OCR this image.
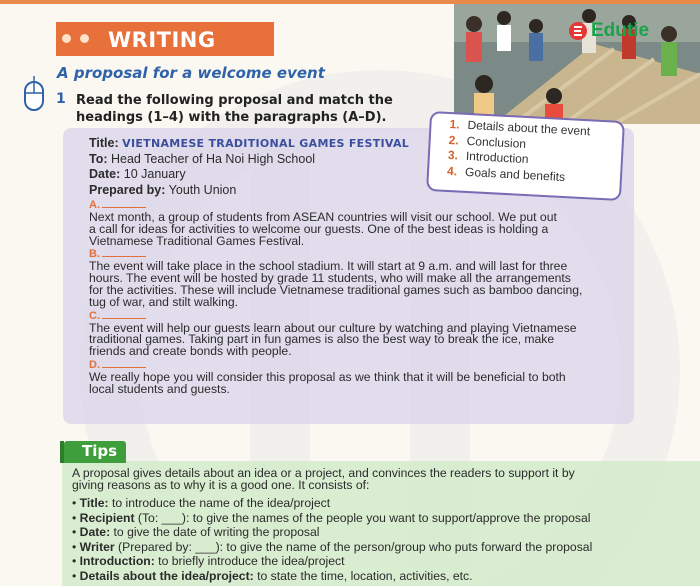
WRITING	Edutie
A proposal for a welcome event
1 Read the following proposal and match the headings (1–4) with the paragraphs (A–D).
Title: VIETNAMESE TRADITIONAL GAMES FESTIVAL
To: Head Teacher of Ha Noi High School
Date: 10 January
Prepared by: Youth Union
A.
Next month, a group of students from ASEAN countries will visit our school. We put out
a call for ideas for activities to welcome our guests. One of the best ideas is holding a
Vietnamese Traditional Games Festival.
B.
The event will take place in the school stadium. It will start at 9 a.m. and will last for three
hours. The event will be hosted by grade 11 students, who will make all the arrangements
for the activities. These will include Vietnamese traditional games such as bamboo dancing,
tug of war, and stilt walking.
C.
The event will help our guests learn about our culture by watching and playing Vietnamese
traditional games. Taking part in fun games is also the best way to break the ice, make
friends and create bonds with people.
D.
We really hope you will consider this proposal as we think that it will be beneficial to both
local students and guests.
1. Details about the event
2. Conclusion
3. Introduction
4. Goals and benefits
A proposal gives details about an idea or a project, and convinces the readers to support it by
giving reasons as to why it is a good one. It consists of:
• Title: to introduce the name of the idea/project
• Recipient (To: ___): to give the names of the people you want to support/approve the proposal
• Date: to give the date of writing the proposal
• Writer (Prepared by: ___): to give the name of the person/group who puts forward the proposal
• Introduction: to briefly introduce the idea/project
• Details about the idea/project: to state the time, location, activities, etc.
Tips
